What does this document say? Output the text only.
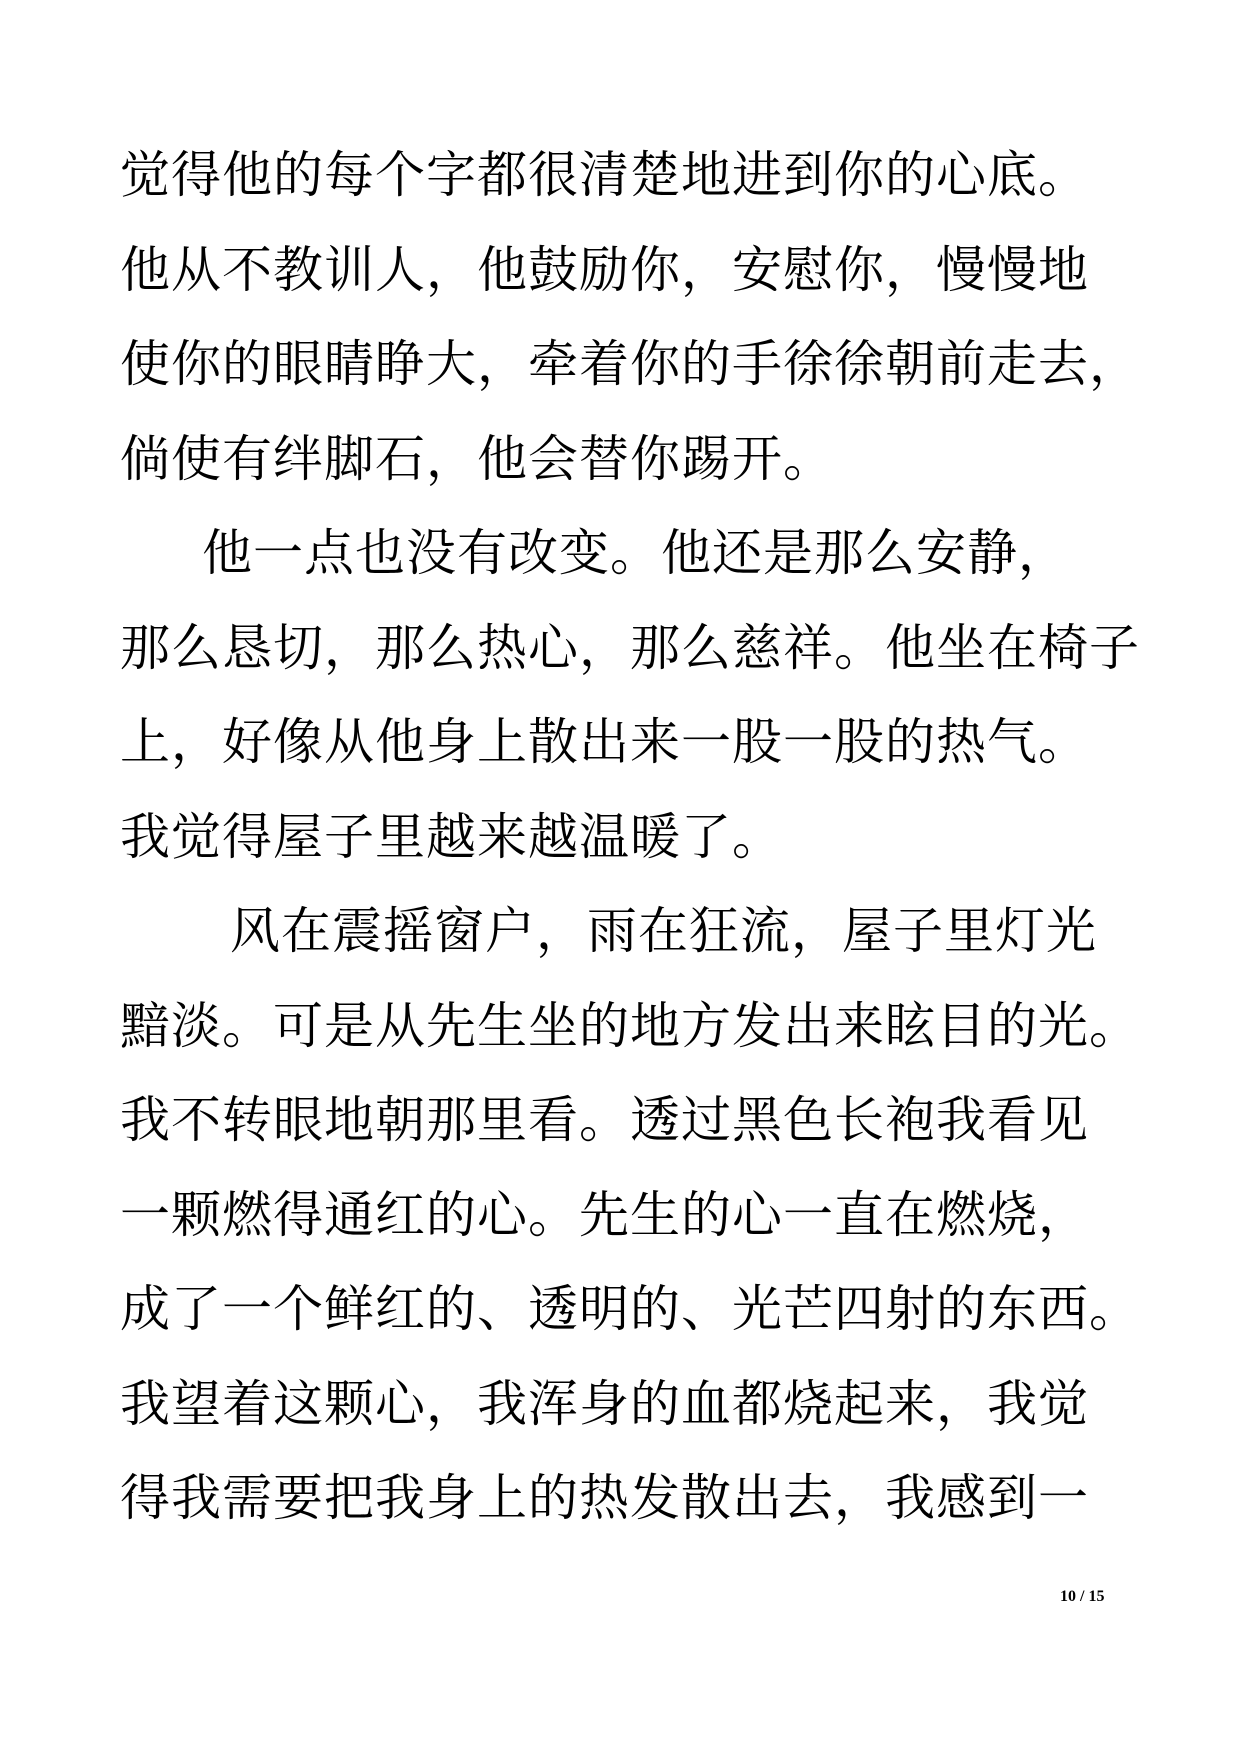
觉得他的每个字都很清楚地进到你的心底。
他从不教训人，他鼓励你，安慰你，慢慢地
使你的眼睛睁大，牵着你的手徐徐朝前走去，
倘使有绊脚石，他会替你踢开。
他一点也没有改变。他还是那么安静，
那么恳切，那么热心，那么慈祥。他坐在椅子
上，好像从他身上散出来一股一股的热气。
我觉得屋子里越来越温暖了。
风在震摇窗户，雨在狂流，屋子里灯光
黯淡。可是从先生坐的地方发出来眩目的光。
我不转眼地朝那里看。透过黑色长袍我看见
一颗燃得通红的心。先生的心一直在燃烧，
成了一个鲜红的、透明的、光芒四射的东西。
我望着这颗心，我浑身的血都烧起来，我觉
得我需要把我身上的热发散出去，我感到一
10 / 15
